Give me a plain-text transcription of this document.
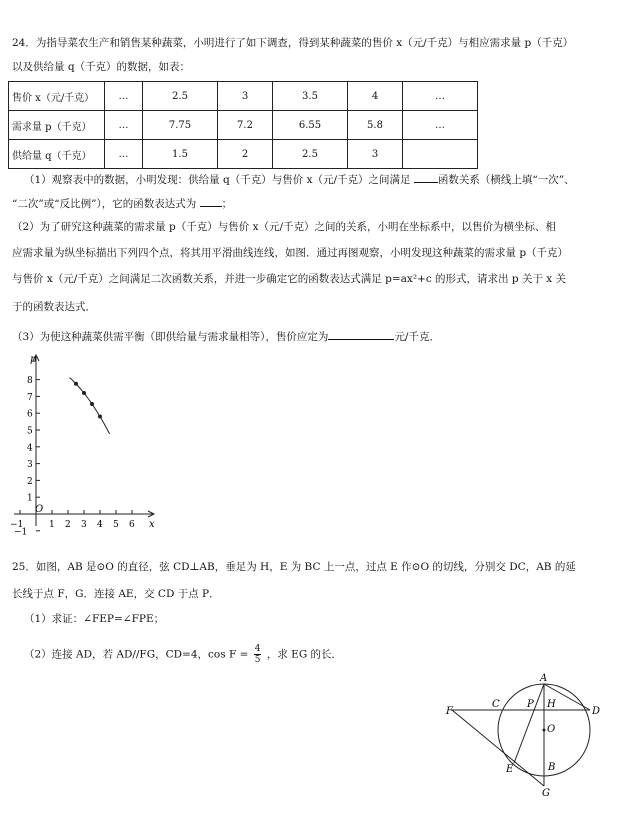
24．为指导菜农生产和销售某种蔬菜，小明进行了如下调查，得到某种蔬菜的售价 x（元/千克）与相应需求量 p（千克）
以及供给量 q（千克）的数据，如表：
售价 x（元/千克）	…	2.5	3	3.5	4	…
需求量 p（千克）	…	7.75	7.2	6.55	5.8	…
供给量 q（千克）	…	1.5	2	2.5	3	
（1）观察表中的数据，小明发现：供给量 q（千克）与售价 x（元/千克）之间满足	函数关系（横线上填“一次”、
“二次”或“反比例”），它的函数表达式为 ；
（2）为了研究这种蔬菜的需求量 p（千克）与售价 x（元/千克）之间的关系，小明在坐标系中，以售价为横坐标、相
应需求量为纵坐标描出下列四个点，将其用平滑曲线连线，如图．通过再图观察，小明发现这种蔬菜的需求量 p（千克）
与售价 x（元/千克）之间满足二次函数关系，并进一步确定它的函数表达式满足 p=ax²+c 的形式，请求出 p 关于 x 关
于的函数表达式．
（3）为使这种蔬菜供需平衡（即供给量与需求量相等），售价应定为	元/千克．
p
x
O
8
7
6
5
4
3
2
1
−1
−1	1 2 3 4 5 6
25．如图，AB 是⊙O 的直径，弦 CD⊥AB，垂足为 H，E 为 BC 上一点，过点 E 作⊙O 的切线，分别交 DC，AB 的延
长线于点 F，G．连接 AE，交 CD 于点 P．
（1）求证：∠FEP=∠FPE；
（2）连接 AD，若 AD//FG，CD=4，$\cos F = \frac{4}{5}$ ，求 EG 的长．
A
B
C
D
E
F
G
H
O
P
